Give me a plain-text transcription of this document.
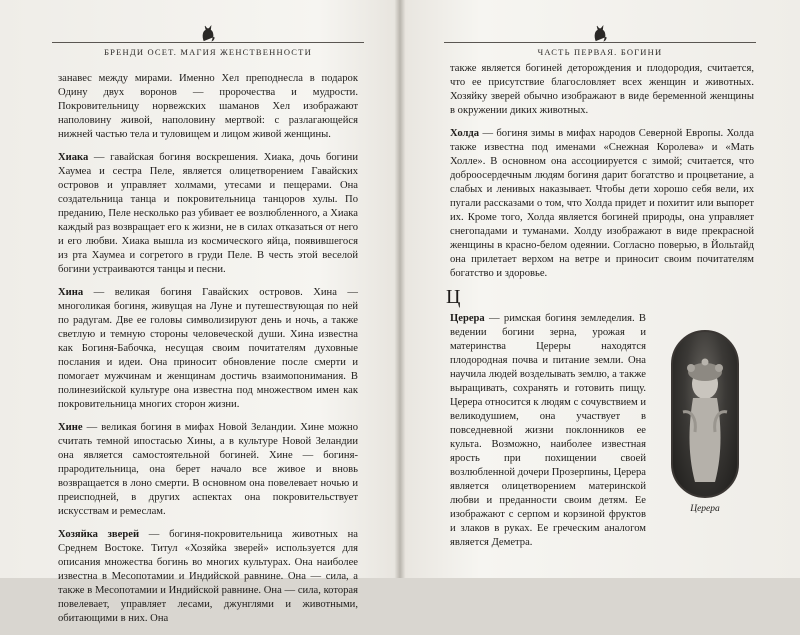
БРЕНДИ ОСЕТ. МАГИЯ ЖЕНСТВЕННОСТИ

занавес между мирами. Именно Хел преподнесла в подарок Одину двух воронов — пророчества и мудрости. Покровительницу норвежских шаманов Хел изображают наполовину живой, наполовину мертвой: с разлагающейся нижней частью тела и туловищем и лицом живой женщины.

Хиака — гавайская богиня воскрешения. Хиака, дочь богини Хаумеа и сестра Пеле, является олицетворением Гавайских островов и управляет холмами, утесами и пещерами. Она создательница танца и покровительница танцоров хулы. По преданию, Пеле несколько раз убивает ее возлюбленного, а Хиака каждый раз возвращает его к жизни, не в силах отказаться от него и его любви. Хиака вышла из космического яйца, появившегося из рта Хаумеа и согретого в груди Пеле. В честь этой веселой богини устраиваются танцы и песни.

Хина — великая богиня Гавайских островов. Хина — многоликая богиня, живущая на Луне и путешествующая по ней по радугам. Две ее головы символизируют день и ночь, а также светлую и темную стороны человеческой души. Хина известна как Богиня-Бабочка, несущая своим почитателям духовные послания и идеи. Она приносит обновление после смерти и помогает мужчинам и женщинам достичь взаимопонимания. В полинезийской культуре она известна под множеством имен как покровительница многих сторон жизни.

Хине — великая богиня в мифах Новой Зеландии. Хине можно считать темной ипостасью Хины, а в культуре Новой Зеландии она является самостоятельной богиней. Хине — богиня-прародительница, она берет начало все живое и вновь возвращается в лоно смерти. В основном она повелевает ночью и преисподней, в других аспектах она покровительствует искусствам и ремеслам.

Хозяйка зверей — богиня-покровительница животных на Среднем Востоке. Титул «Хозяйка зверей» используется для описания множества богинь во многих культурах. Она наиболее известна в Месопотамии и Индийской равнине. Она — сила, а также в Месопотамии и Индийской равнине. Она — сила, которая повелевает, управляет лесами, джунглями и животными, обитающими в них. Она

ЧАСТЬ ПЕРВАЯ. БОГИНИ

также является богиней деторождения и плодородия, считается, что ее присутствие благословляет всех женщин и животных. Хозяйку зверей обычно изображают в виде беременной женщины в окружении диких животных.

Холда — богиня зимы в мифах народов Северной Европы. Холда также известна под именами «Снежная Королева» и «Мать Холле». В основном она ассоциируется с зимой; считается, что доброосердечным людям богиня дарит богатство и процветание, а слабых и ленивых наказывает. Чтобы дети хорошо себя вели, их пугали рассказами о том, что Холда придет и похитит или выпорет их. Кроме того, Холда является богиней природы, она управляет снегопадами и туманами. Холду изображают в виде прекрасной женщины в красно-белом одеянии. Согласно поверью, в Йольтайд она прилетает верхом на ветре и приносит своим почитателям богатство и здоровье.

Ц

Церера — римская богиня земледелия. В ведении богини зерна, урожая и материнства Цереры находятся плодородная почва и питание земли. Она научила людей возделывать землю, а также выращивать, сохранять и готовить пищу. Церера относится к людям с сочувствием и великодушием, она участвует в повседневной жизни поклонников ее культа. Возможно, наиболее известная ярость при похищении своей возлюбленной дочери Прозерпины, Церера является олицетворением материнской любви и преданности своим детям. Ее изображают с серпом и корзиной фруктов и злаков в руках. Ее греческим аналогом является Деметра.

Церера
